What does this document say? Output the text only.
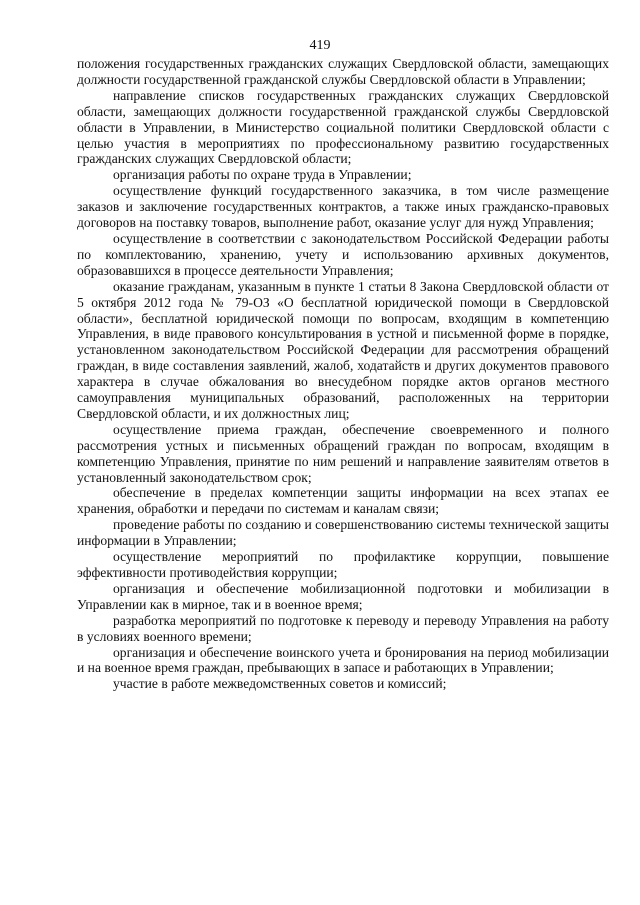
419

положения государственных гражданских служащих Свердловской области, замещающих должности государственной гражданской службы Свердловской области в Управлении;

направление списков государственных гражданских служащих Свердловской области, замещающих должности государственной гражданской службы Свердловской области в Управлении, в Министерство социальной политики Свердловской области с целью участия в мероприятиях по профессиональному развитию государственных гражданских служащих Свердловской области;

организация работы по охране труда в Управлении;

осуществление функций государственного заказчика, в том числе размещение заказов и заключение государственных контрактов, а также иных гражданско-правовых договоров на поставку товаров, выполнение работ, оказание услуг для нужд Управления;

осуществление в соответствии с законодательством Российской Федерации работы по комплектованию, хранению, учету и использованию архивных документов, образовавшихся в процессе деятельности Управления;

оказание гражданам, указанным в пункте 1 статьи 8 Закона Свердловской области от 5 октября 2012 года № 79-ОЗ «О бесплатной юридической помощи в Свердловской области», бесплатной юридической помощи по вопросам, входящим в компетенцию Управления, в виде правового консультирования в устной и письменной форме в порядке, установленном законодательством Российской Федерации для рассмотрения обращений граждан, в виде составления заявлений, жалоб, ходатайств и других документов правового характера в случае обжалования во внесудебном порядке актов органов местного самоуправления муниципальных образований, расположенных на территории Свердловской области, и их должностных лиц;

осуществление приема граждан, обеспечение своевременного и полного рассмотрения устных и письменных обращений граждан по вопросам, входящим в компетенцию Управления, принятие по ним решений и направление заявителям ответов в установленный законодательством срок;

обеспечение в пределах компетенции защиты информации на всех этапах ее хранения, обработки и передачи по системам и каналам связи;

проведение работы по созданию и совершенствованию системы технической защиты информации в Управлении;

осуществление мероприятий по профилактике коррупции, повышение эффективности противодействия коррупции;

организация и обеспечение мобилизационной подготовки и мобилизации в Управлении как в мирное, так и в военное время;

разработка мероприятий по подготовке к переводу и переводу Управления на работу в условиях военного времени;

организация и обеспечение воинского учета и бронирования на период мобилизации и на военное время граждан, пребывающих в запасе и работающих в Управлении;

участие в работе межведомственных советов и комиссий;
